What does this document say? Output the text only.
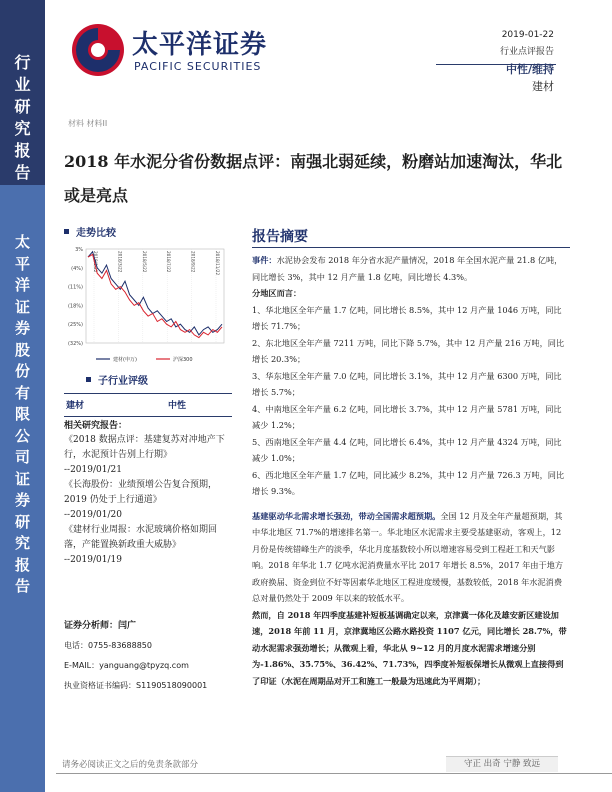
行
业
研
究
报
告
太
平
洋
证
券
股
份
有
限
公
司
证
券
研
究
报
告
太平洋证券
PACIFIC SECURITIES
2019-01-22
行业点评报告
中性/维持
建材
材料 材料II
2018 年水泥分省份数据点评：南强北弱延续，粉磨站加速淘汰，华北或是亮点
走势比较
3%
(4%)
(11%)
(18%)
(25%)
(32%)
2018/1/22	2018/3/22	2018/5/22	2018/7/22	2018/9/22	2018/11/22
建材(申万)	沪深300
子行业评级
建材	中性
相关研究报告：

《2018 数据点评：基建复苏对冲地产下行，水泥预计告别上行期》

--2019/01/21

《长海股份：业绩预增公告复合预期，2019 仍处于上行通道》

--2019/01/20

《建材行业周报：水泥玻璃价格如期回落，产能置换新政重大威胁》

--2019/01/19

证券分析师：闫广
电话：0755-83688850
E-MAIL：yanguang@tpyzq.com
执业资格证书编码：S1190518090001
报告摘要

事件：水泥协会发布 2018 年分省水泥产量情况，2018 年全国水泥产量 21.8 亿吨，同比增长 3%，其中 12 月产量 1.8 亿吨，同比增长 4.3%。

分地区而言：

1、华北地区全年产量 1.7 亿吨，同比增长 8.5%，其中 12 月产量 1046 万吨，同比增长 71.7%；

2、东北地区全年产量 7211 万吨，同比下降 5.7%，其中 12 月产量 216 万吨，同比增长 20.3%；

3、华东地区全年产量 7.0 亿吨，同比增长 3.1%，其中 12 月产量 6300 万吨，同比增长 5.7%；

4、中南地区全年产量 6.2 亿吨，同比增长 3.7%，其中 12 月产量 5781 万吨，同比减少 1.2%；

5、西南地区全年产量 4.4 亿吨，同比增长 6.4%，其中 12 月产量 4324 万吨，同比减少 1.0%；

6、西北地区全年产量 1.7 亿吨，同比减少 8.2%，其中 12 月产量 726.3 万吨，同比增长 9.3%。

基建驱动华北需求增长强劲，带动全国需求超预期。全国 12 月及全年产量超预期，其中华北地区 71.7%的增速排名第一。华北地区水泥需求主要受基建驱动，客观上，12 月份是传统错峰生产的淡季，华北月度基数较小所以增速容易受到工程赶工和天气影响。2018 年华北 1.7 亿吨水泥消费量水平比 2017 年增长 8.5%，2017 年由于地方政府换届、资金到位不好等因素华北地区工程进度缓慢，基数较低，2018 年水泥消费总对量仍然处于 2009 年以来的较低水平。

然而，自 2018 年四季度基建补短板基调确定以来，京津冀一体化及雄安新区建设加速，2018 年前 11 月，京津冀地区公路水路投资 1107 亿元，同比增长 28.7%，带动水泥需求强劲增长；从微观上看，华北从 9~12 月的月度水泥需求增速分别为-1.86%、35.75%、36.42%、71.73%，四季度补短板保增长从微观上直接得到了印证（水泥在周期品对开工和施工一般最为迅速此为平周期）；

请务必阅读正文之后的免责条款部分	守正 出奇 宁静 致远
